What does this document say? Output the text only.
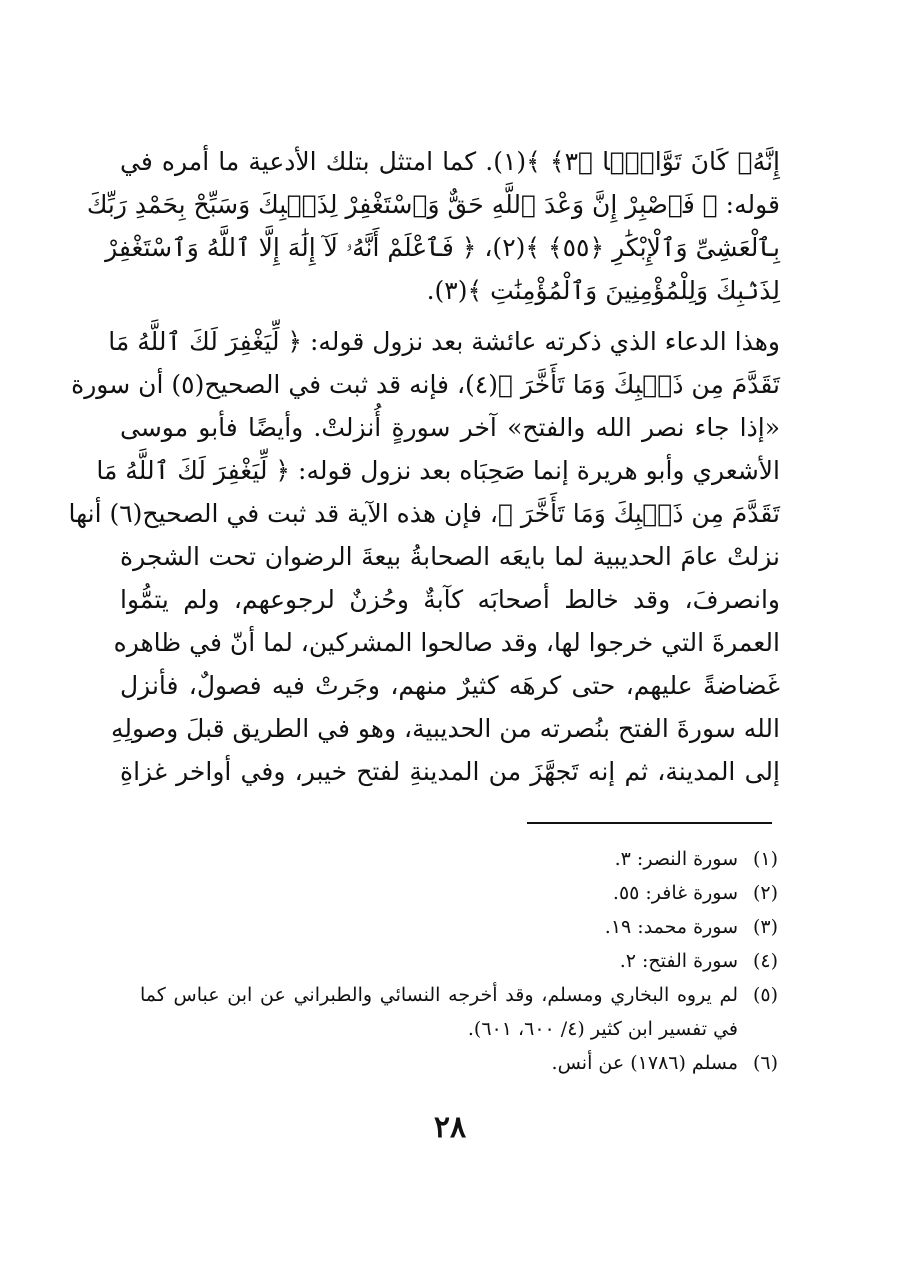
إِنَّهُۥ كَانَ تَوَّابَۢا ﴿٣﴾ ﴾(١). كما امتثل بتلك الأدعية ما أمره في
قوله: ﴿ فَٱصْبِرْ إِنَّ وَعْدَ ٱللَّهِ حَقٌّ وَٱسْتَغْفِرْ لِذَنۢبِكَ وَسَبِّحْ بِحَمْدِ رَبِّكَ
بِٱلْعَشِىِّ وَٱلْإِبْكَٰرِ ﴿٥٥﴾ ﴾(٢)، ﴿ فَٱعْلَمْ أَنَّهُۥ لَآ إِلَٰهَ إِلَّا ٱللَّهُ وَٱسْتَغْفِرْ
لِذَنۢبِكَ وَلِلْمُؤْمِنِينَ وَٱلْمُؤْمِنَٰتِ ﴾(٣).
وهذا الدعاء الذي ذكرته عائشة بعد نزول قوله: ﴿ لِّيَغْفِرَ لَكَ ٱللَّهُ مَا
تَقَدَّمَ مِن ذَنۢبِكَ وَمَا تَأَخَّرَ ﴾(٤)، فإنه قد ثبت في الصحيح(٥) أن سورة
«إذا جاء نصر الله والفتح» آخر سورةٍ أُنزلتْ. وأيضًا فأبو موسى
الأشعري وأبو هريرة إنما صَحِبَاه بعد نزول قوله: ﴿ لِّيَغْفِرَ لَكَ ٱللَّهُ مَا
تَقَدَّمَ مِن ذَنۢبِكَ وَمَا تَأَخَّرَ ﴾، فإن هذه الآية قد ثبت في الصحيح(٦) أنها
نزلتْ عامَ الحديبية لما بايعَه الصحابةُ بيعةَ الرضوان تحت الشجرة
وانصرفَ، وقد خالط أصحابَه كآبةٌ وحُزنٌ لرجوعهم، ولم يتمُّوا
العمرةَ التي خرجوا لها، وقد صالحوا المشركين، لما أنّ في ظاهره
غَضاضةً عليهم، حتى كرهَه كثيرٌ منهم، وجَرتْ فيه فصولٌ، فأنزل
الله سورةَ الفتح بنُصرته من الحديبية، وهو في الطريق قبلَ وصولِهِ
إلى المدينة، ثم إنه تَجهَّزَ من المدينةِ لفتح خيبر، وفي أواخر غزاةِ
(١)
سورة النصر: ٣.
(٢)
سورة غافر: ٥٥.
(٣)
سورة محمد: ١٩.
(٤)
سورة الفتح: ٢.
(٥)
لم يروه البخاري ومسلم، وقد أخرجه النسائي والطبراني عن ابن عباس كما
في تفسير ابن كثير (٤/ ٦٠٠، ٦٠١).
(٦)
مسلم (١٧٨٦) عن أنس.
٢٨
